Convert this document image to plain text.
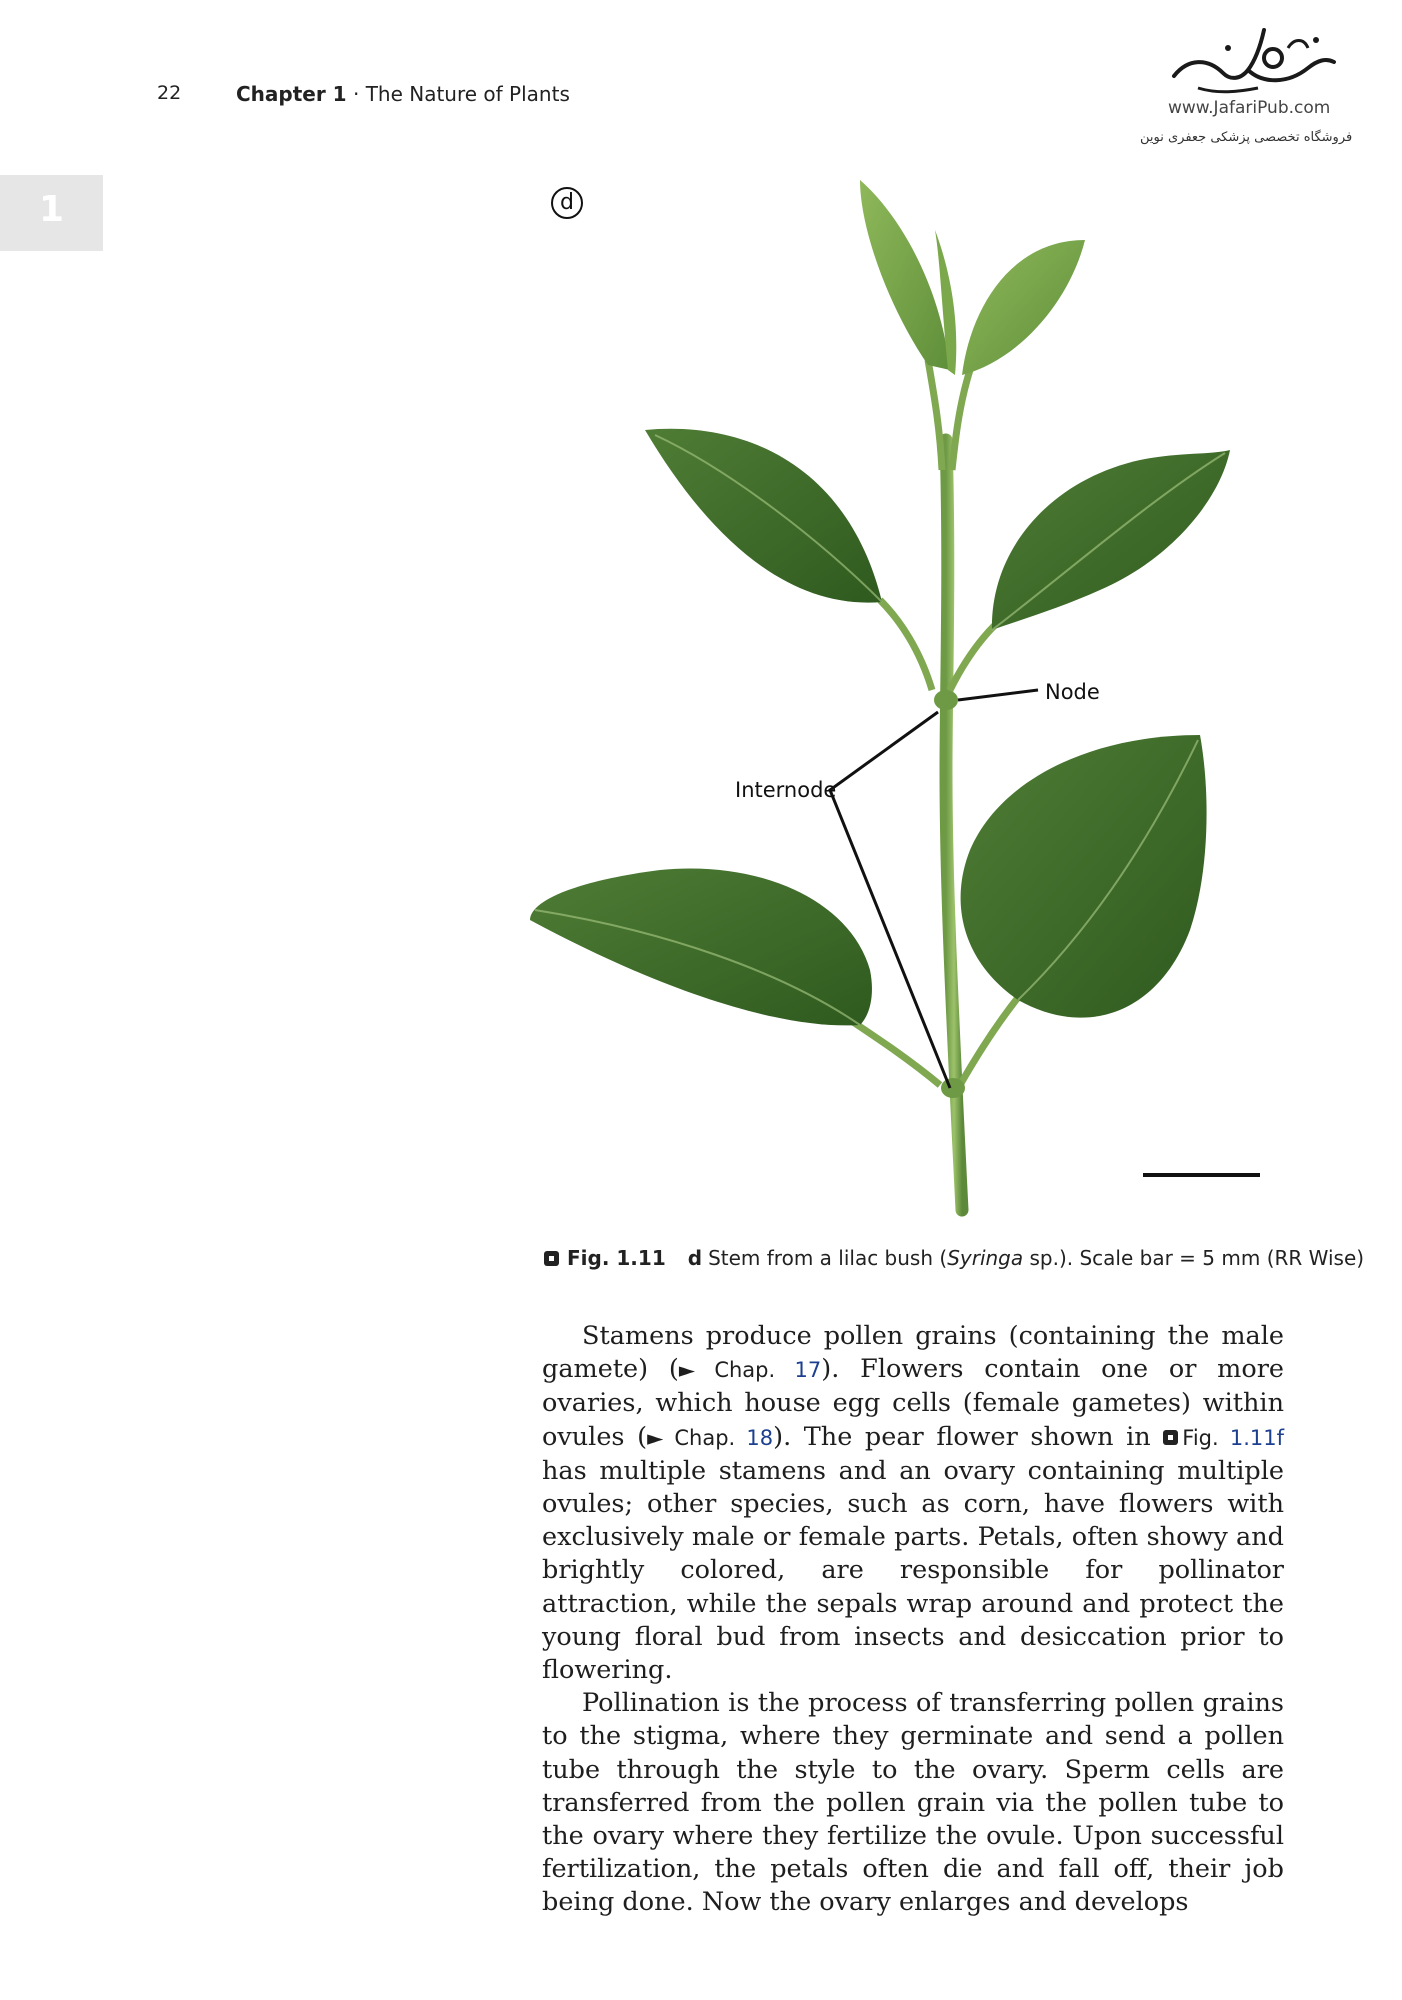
22	Chapter 1 · The Nature of Plants
www.JafariPub.com
فروشگاه تخصصی پزشکی جعفری نوین
1	d
Node
Internode
Fig. 1.11 d Stem from a lilac bush (Syringa sp.). Scale bar = 5 mm (RR Wise)

Stamens produce pollen grains (containing the male gamete) (► Chap. 17). Flowers contain one or more ovaries, which house egg cells (female gametes) within ovules (► Chap. 18). The pear flower shown in Fig. 1.11f has multiple stamens and an ovary containing multiple ovules; other species, such as corn, have flowers with exclusively male or female parts. Petals, often showy and brightly colored, are responsible for pollinator attraction, while the sepals wrap around and protect the young floral bud from insects and desiccation prior to flowering.

Pollination is the process of transferring pollen grains to the stigma, where they germinate and send a pollen tube through the style to the ovary. Sperm cells are transferred from the pollen grain via the pollen tube to the ovary where they fertilize the ovule. Upon successful fertilization, the petals often die and fall off, their job being done. Now the ovary enlarges and develops
